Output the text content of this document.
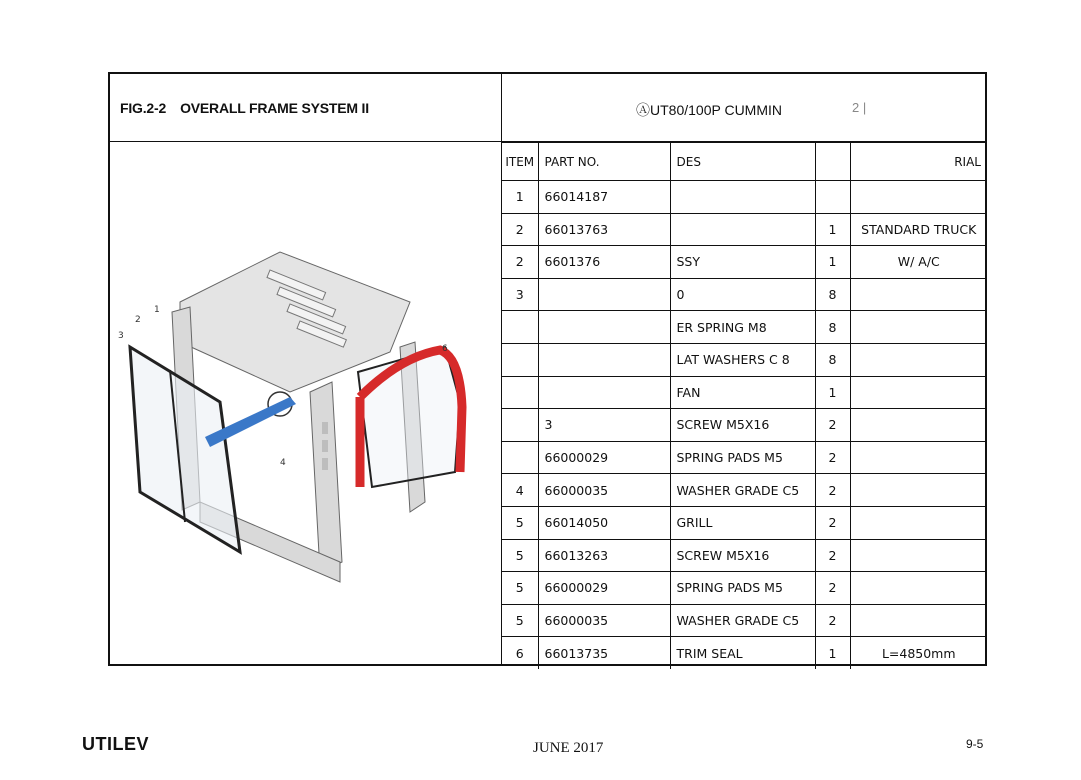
FIG.2-2 OVERALL FRAME SYSTEM II	ⒶUT80/100P CUMMIN	2 |
1
2
3
4
6
ITEM	PART NO.	DES		RIAL
1	66014187			
2	66013763		1	STANDARD TRUCK
2	6601376	SSY	1	W/ A/C
3		0	8	
		ER SPRING M8	8	
		LAT WASHERS C 8	8	
		FAN	1	
	3	SCREW M5X16	2	
	66000029	SPRING PADS M5	2	
4	66000035	WASHER GRADE C5	2	
5	66014050	GRILL	2	
5	66013263	SCREW M5X16	2	
5	66000029	SPRING PADS M5	2	
5	66000035	WASHER GRADE C5	2	
6	66013735	TRIM SEAL	1	L=4850mm
UTILEV	JUNE 2017	9-5
